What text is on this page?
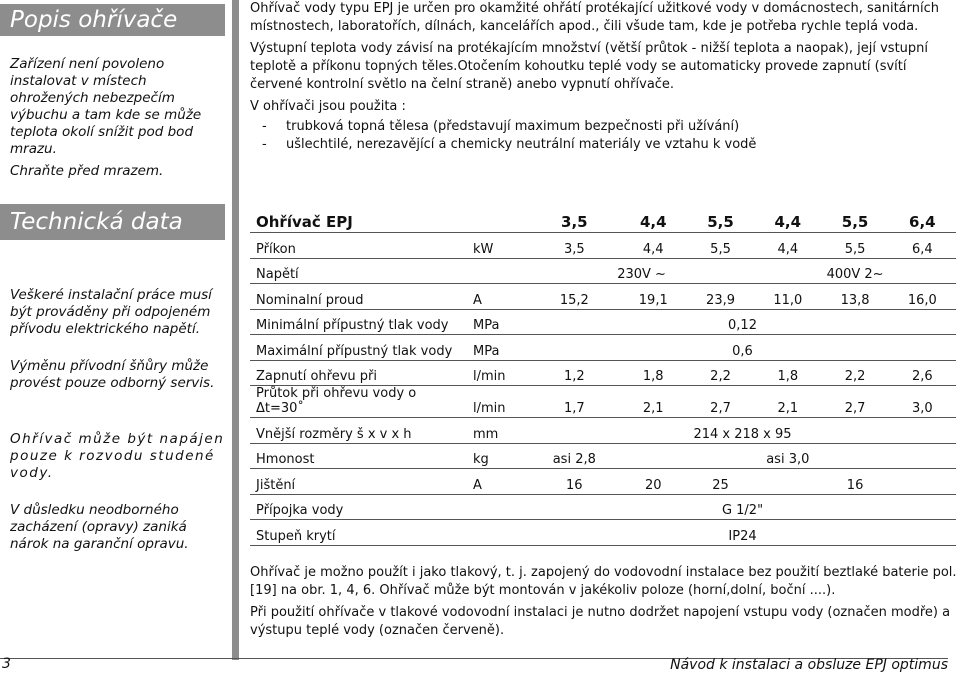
Popis ohřívače
Zařízení není povoleno instalovat v místech ohrožených nebezpečím výbuchu a tam kde se může teplota okolí snížit pod bod mrazu.
Chraňte před mrazem.
Technická data
Veškeré instalační práce musí být prováděny při odpojeném přívodu elektrického napětí.
Výměnu přívodní šňůry může provést pouze odborný servis.
Ohřívač může být napájen pouze k rozvodu studené vody.
V důsledku neodborného zacházení (opravy) zaniká nárok na garanční opravu.

Ohřívač vody typu EPJ je určen pro okamžité ohřátí protékající užitkové vody v domácnostech, sanitárních místnostech, laboratořích, dílnách, kancelářích apod., čili všude tam, kde je potřeba rychle teplá voda.

Výstupní teplota vody závisí na protékajícím množství (větší průtok - nižší teplota a naopak), její vstupní teplotě a příkonu topných těles.Otočením kohoutku teplé vody se automaticky provede zapnutí (svítí červené kontrolní světlo na čelní straně) anebo vypnutí ohřívače.

V ohřívači jsou použita :

-	trubková topná tělesa (představují maximum bezpečnosti při užívání)
-	ušlechtilé, nerezavějící a chemicky neutrální materiály ve vztahu k vodě
Ohřívač EPJ		3,5	4,4	5,5	4,4	5,5	6,4
Příkon	kW	3,5	4,4	5,5	4,4	5,5	6,4
Napětí		230V ~			400V 2~		
Nominalní proud	A	15,2	19,1	23,9	11,0	13,8	16,0
Minimální přípustný tlak vody	MPa	0,12					
Maximální přípustný tlak vody	MPa	0,6					
Zapnutí ohřevu při	l/min	1,2	1,8	2,2	1,8	2,2	2,6
Průtok při ohřevu vody o Δt=30˚	l/min	1,7	2,1	2,7	2,1	2,7	3,0
Vnější rozměry š x v x h	mm	214 x 218 x 95					
Hmonost	kg	asi 2,8	asi 3,0				
Jištění	A	16	20	25	16		
Přípojka vody		G 1/2"					
Stupeň krytí		IP24					

Ohřívač je možno použít i jako tlakový, t. j. zapojený do vodovodní instalace bez použití beztlaké baterie pol. [19] na obr. 1, 4, 6. Ohřívač může být montován v jakékoliv poloze (horní,dolní, boční ....).

Při použití ohřívače v tlakové vodovodní instalaci je nutno dodržet napojení vstupu vody (označen modře) a výstupu teplé vody (označen červeně).

3	Návod k instalaci a obsluze EPJ optimus
